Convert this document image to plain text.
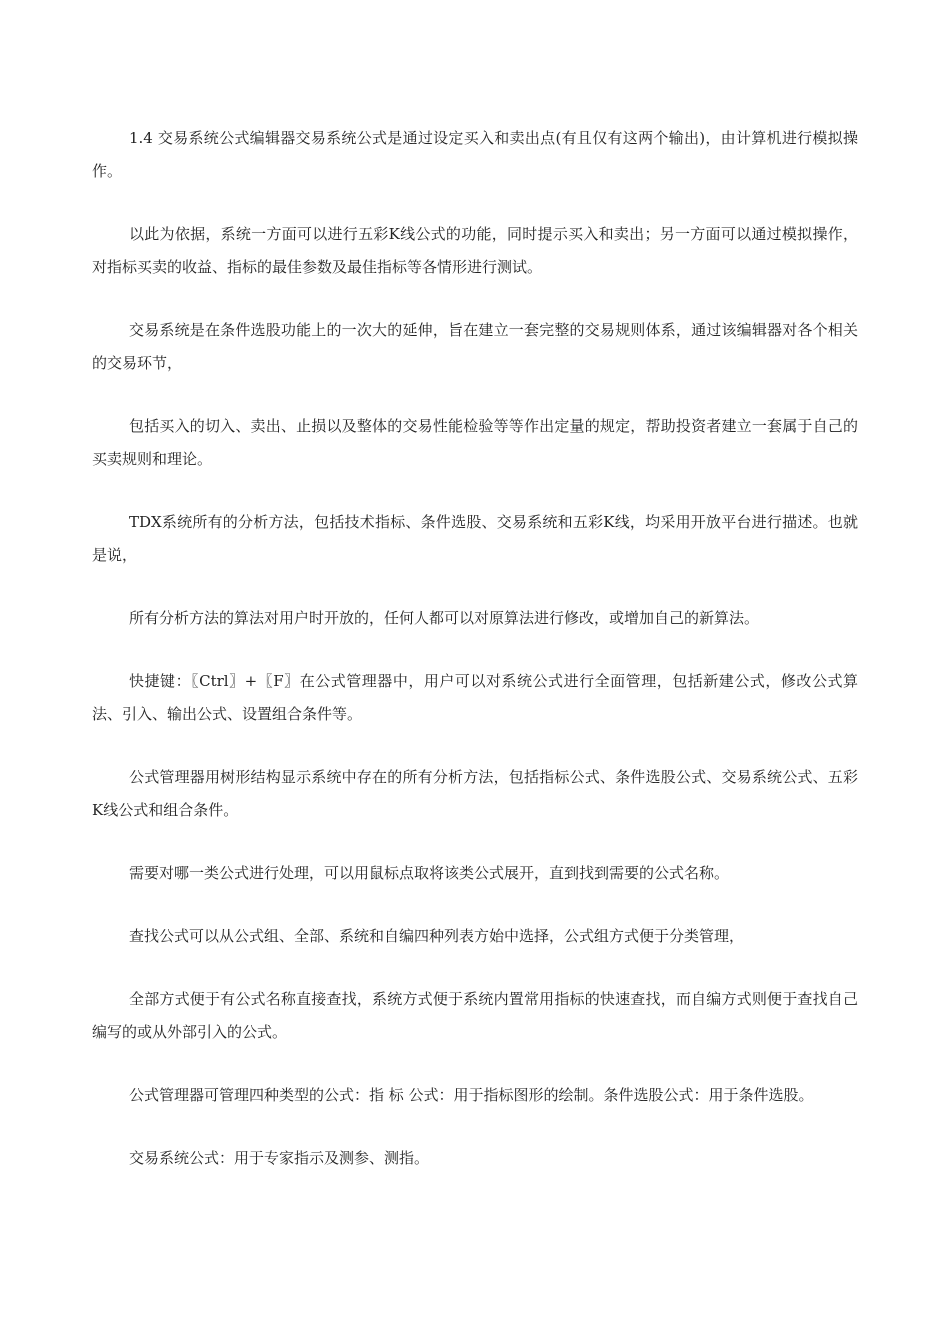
1.4 交易系统公式编辑器交易系统公式是通过设定买入和卖出点(有且仅有这两个输出)，由计算机进行模拟操作。

以此为依据，系统一方面可以进行五彩K线公式的功能，同时提示买入和卖出；另一方面可以通过模拟操作，对指标买卖的收益、指标的最佳参数及最佳指标等各情形进行测试。

交易系统是在条件选股功能上的一次大的延伸，旨在建立一套完整的交易规则体系，通过该编辑器对各个相关的交易环节，

包括买入的切入、卖出、止损以及整体的交易性能检验等等作出定量的规定，帮助投资者建立一套属于自己的买卖规则和理论。

TDX系统所有的分析方法，包括技术指标、条件选股、交易系统和五彩K线，均采用开放平台进行描述。也就是说，

所有分析方法的算法对用户时开放的，任何人都可以对原算法进行修改，或增加自己的新算法。

快捷键：〖Ctrl〗+〖F〗在公式管理器中，用户可以对系统公式进行全面管理，包括新建公式，修改公式算法、引入、输出公式、设置组合条件等。

公式管理器用树形结构显示系统中存在的所有分析方法，包括指标公式、条件选股公式、交易系统公式、五彩K线公式和组合条件。

需要对哪一类公式进行处理，可以用鼠标点取将该类公式展开，直到找到需要的公式名称。

查找公式可以从公式组、全部、系统和自编四种列表方始中选择，公式组方式便于分类管理，

全部方式便于有公式名称直接查找，系统方式便于系统内置常用指标的快速查找，而自编方式则便于查找自己编写的或从外部引入的公式。

公式管理器可管理四种类型的公式：指 标 公式：用于指标图形的绘制。条件选股公式：用于条件选股。

交易系统公式：用于专家指示及测参、测指。
